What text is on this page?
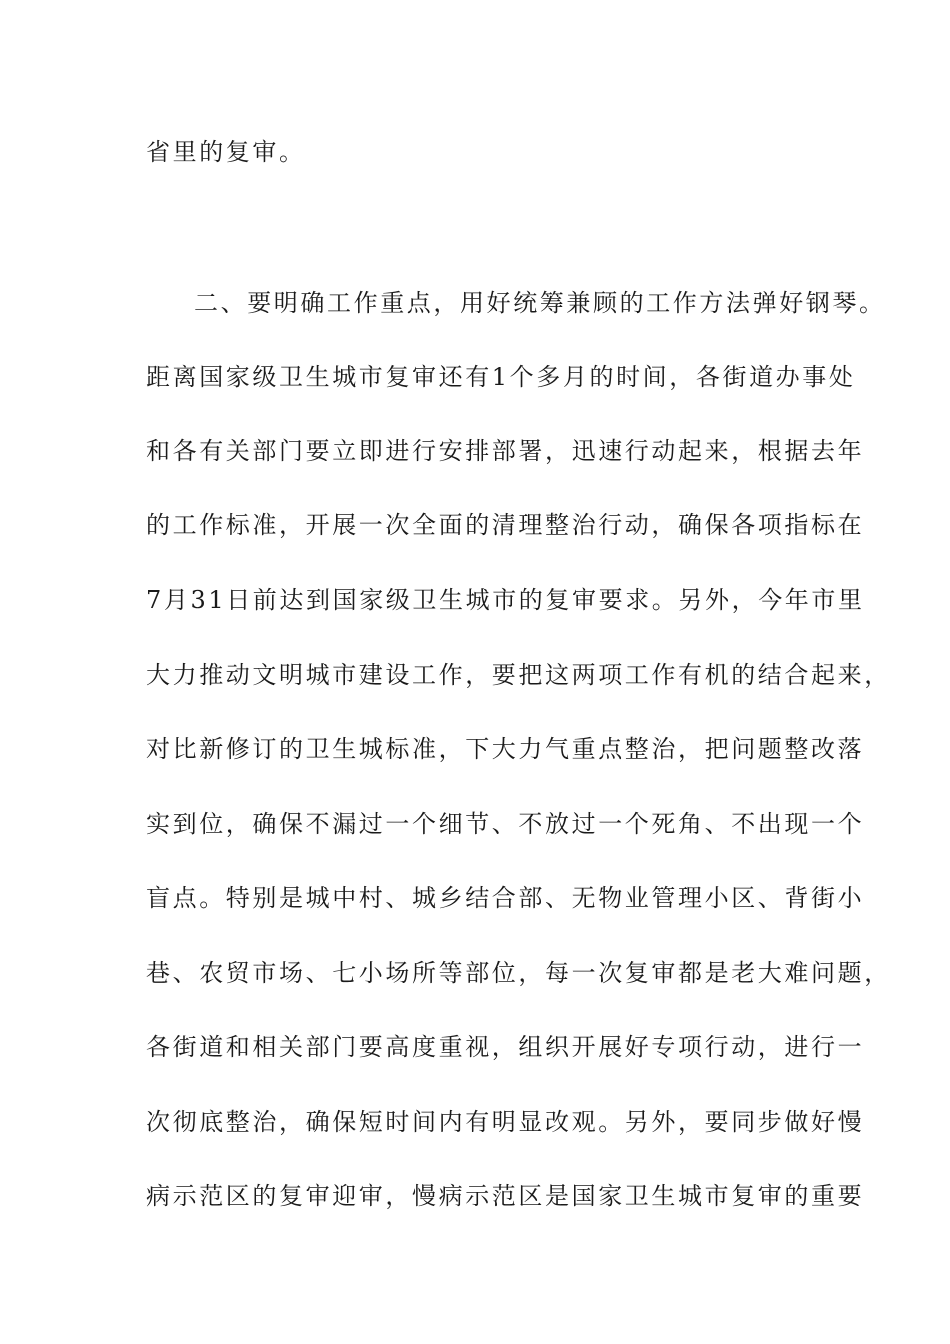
省里的复审。
二、要明确工作重点，用好统筹兼顾的工作方法弹好钢琴。
距离国家级卫生城市复审还有1个多月的时间，各街道办事处
和各有关部门要立即进行安排部署，迅速行动起来，根据去年
的工作标准，开展一次全面的清理整治行动，确保各项指标在
7月31日前达到国家级卫生城市的复审要求。另外，今年市里
大力推动文明城市建设工作，要把这两项工作有机的结合起来，
对比新修订的卫生城标准，下大力气重点整治，把问题整改落
实到位，确保不漏过一个细节、不放过一个死角、不出现一个
盲点。特别是城中村、城乡结合部、无物业管理小区、背街小
巷、农贸市场、七小场所等部位，每一次复审都是老大难问题，
各街道和相关部门要高度重视，组织开展好专项行动，进行一
次彻底整治，确保短时间内有明显改观。另外，要同步做好慢
病示范区的复审迎审，慢病示范区是国家卫生城市复审的重要
